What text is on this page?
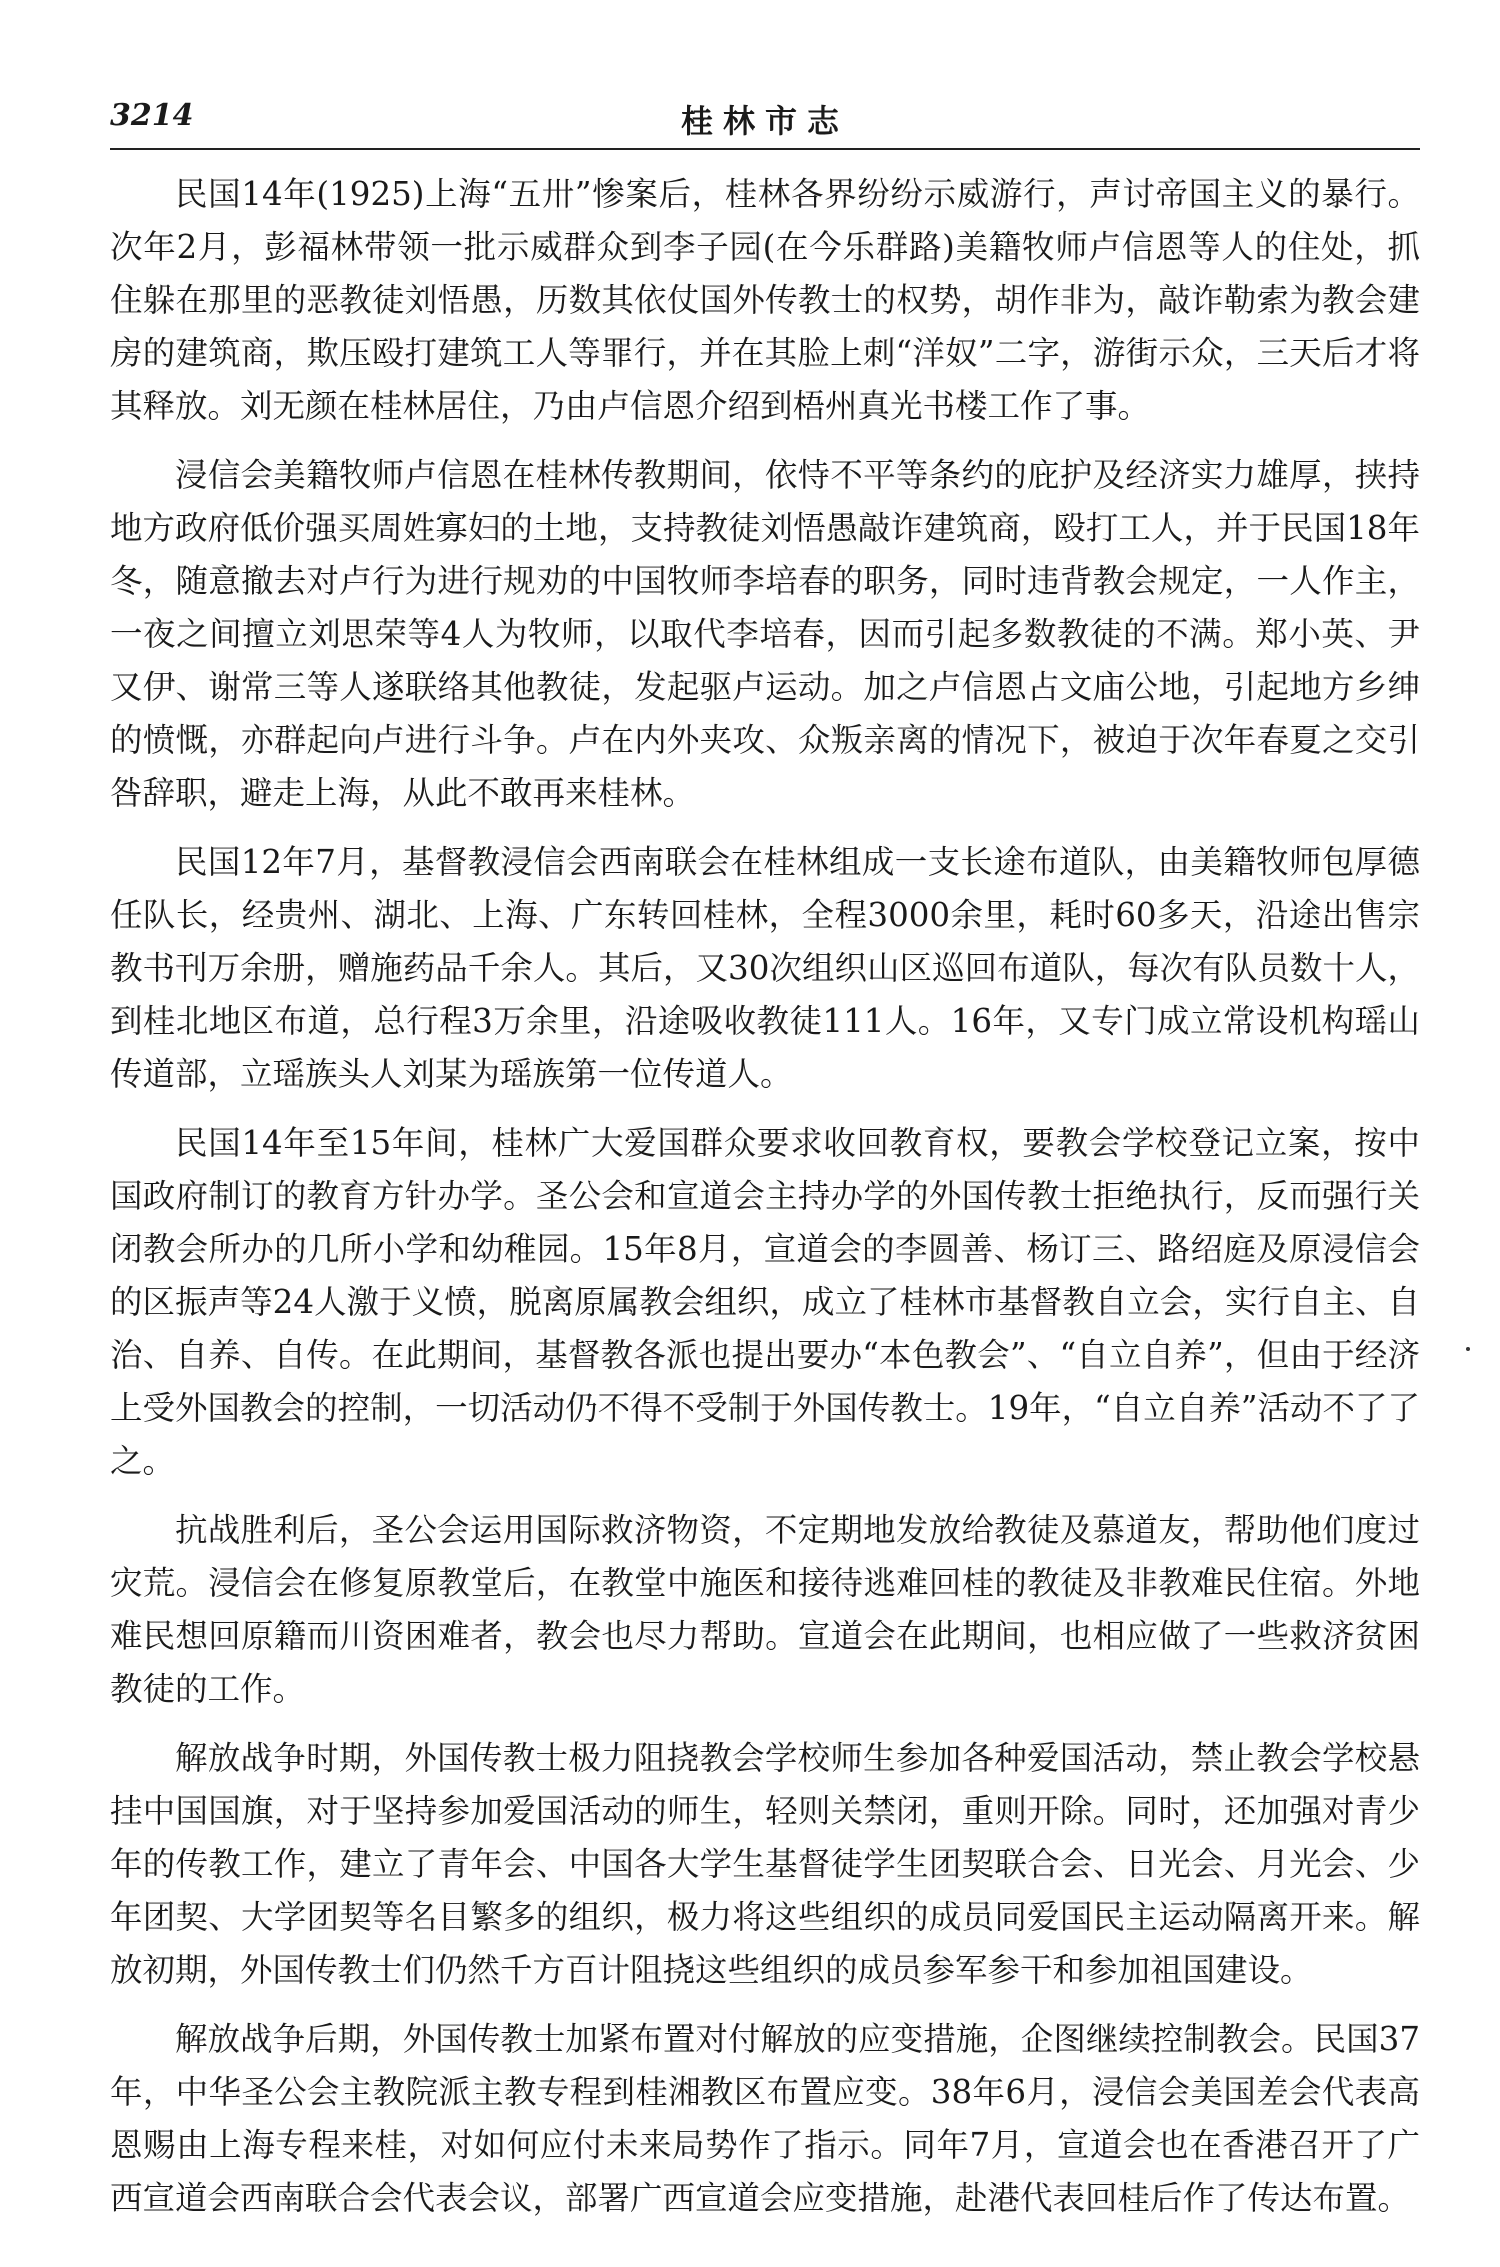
3214	桂林市志

民国14年(1925)上海“五卅”惨案后，桂林各界纷纷示威游行，声讨帝国主义的暴行。次年2月，彭福林带领一批示威群众到李子园(在今乐群路)美籍牧师卢信恩等人的住处，抓住躲在那里的恶教徒刘悟愚，历数其依仗国外传教士的权势，胡作非为，敲诈勒索为教会建房的建筑商，欺压殴打建筑工人等罪行，并在其脸上刺“洋奴”二字，游街示众，三天后才将其释放。刘无颜在桂林居住，乃由卢信恩介绍到梧州真光书楼工作了事。

浸信会美籍牧师卢信恩在桂林传教期间，依恃不平等条约的庇护及经济实力雄厚，挟持地方政府低价强买周姓寡妇的土地，支持教徒刘悟愚敲诈建筑商，殴打工人，并于民国18年冬，随意撤去对卢行为进行规劝的中国牧师李培春的职务，同时违背教会规定，一人作主，一夜之间擅立刘思荣等4人为牧师，以取代李培春，因而引起多数教徒的不满。郑小英、尹又伊、谢常三等人遂联络其他教徒，发起驱卢运动。加之卢信恩占文庙公地，引起地方乡绅的愤慨，亦群起向卢进行斗争。卢在内外夹攻、众叛亲离的情况下，被迫于次年春夏之交引咎辞职，避走上海，从此不敢再来桂林。

民国12年7月，基督教浸信会西南联会在桂林组成一支长途布道队，由美籍牧师包厚德任队长，经贵州、湖北、上海、广东转回桂林，全程3000余里，耗时60多天，沿途出售宗教书刊万余册，赠施药品千余人。其后，又30次组织山区巡回布道队，每次有队员数十人，到桂北地区布道，总行程3万余里，沿途吸收教徒111人。16年，又专门成立常设机构瑶山传道部，立瑶族头人刘某为瑶族第一位传道人。

民国14年至15年间，桂林广大爱国群众要求收回教育权，要教会学校登记立案，按中国政府制订的教育方针办学。圣公会和宣道会主持办学的外国传教士拒绝执行，反而强行关闭教会所办的几所小学和幼稚园。15年8月，宣道会的李圆善、杨订三、路绍庭及原浸信会的区振声等24人激于义愤，脱离原属教会组织，成立了桂林市基督教自立会，实行自主、自治、自养、自传。在此期间，基督教各派也提出要办“本色教会”、“自立自养”，但由于经济上受外国教会的控制，一切活动仍不得不受制于外国传教士。19年，“自立自养”活动不了了之。

抗战胜利后，圣公会运用国际救济物资，不定期地发放给教徒及慕道友，帮助他们度过灾荒。浸信会在修复原教堂后，在教堂中施医和接待逃难回桂的教徒及非教难民住宿。外地难民想回原籍而川资困难者，教会也尽力帮助。宣道会在此期间，也相应做了一些救济贫困教徒的工作。

解放战争时期，外国传教士极力阻挠教会学校师生参加各种爱国活动，禁止教会学校悬挂中国国旗，对于坚持参加爱国活动的师生，轻则关禁闭，重则开除。同时，还加强对青少年的传教工作，建立了青年会、中国各大学生基督徒学生团契联合会、日光会、月光会、少年团契、大学团契等名目繁多的组织，极力将这些组织的成员同爱国民主运动隔离开来。解放初期，外国传教士们仍然千方百计阻挠这些组织的成员参军参干和参加祖国建设。

解放战争后期，外国传教士加紧布置对付解放的应变措施，企图继续控制教会。民国37年，中华圣公会主教院派主教专程到桂湘教区布置应变。38年6月，浸信会美国差会代表高恩赐由上海专程来桂，对如何应付未来局势作了指示。同年7月，宣道会也在香港召开了广西宣道会西南联合会代表会议，部署广西宣道会应变措施，赴港代表回桂后作了传达布置。
